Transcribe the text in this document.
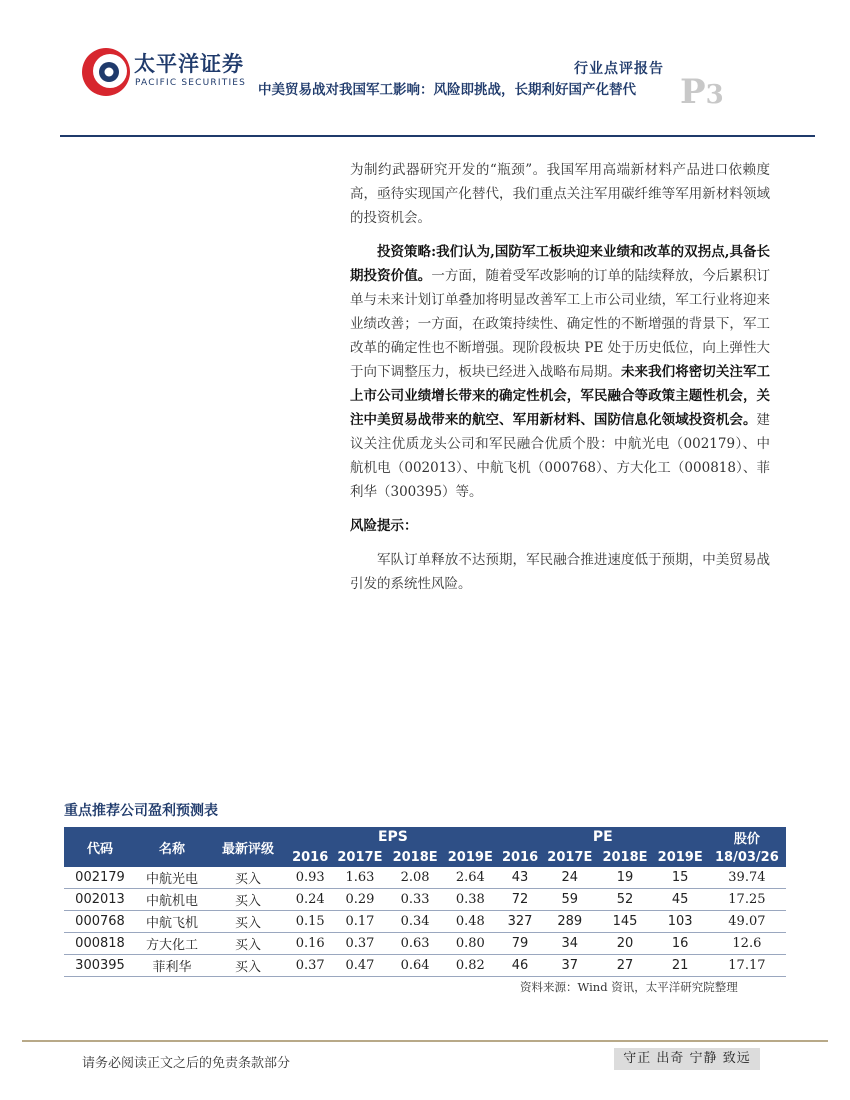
太平洋证券
PACIFIC SECURITIES
行业点评报告
中美贸易战对我国军工影响：风险即挑战，长期利好国产化替代 P3

为制约武器研究开发的“瓶颈”。我国军用高端新材料产品进口依赖度高，亟待实现国产化替代，我们重点关注军用碳纤维等军用新材料领域的投资机会。

投资策略:我们认为,国防军工板块迎来业绩和改革的双拐点,具备长期投资价值。一方面，随着受军改影响的订单的陆续释放，今后累积订单与未来计划订单叠加将明显改善军工上市公司业绩，军工行业将迎来业绩改善；一方面，在政策持续性、确定性的不断增强的背景下，军工改革的确定性也不断增强。现阶段板块 PE 处于历史低位，向上弹性大于向下调整压力，板块已经进入战略布局期。未来我们将密切关注军工上市公司业绩增长带来的确定性机会，军民融合等政策主题性机会，关注中美贸易战带来的航空、军用新材料、国防信息化领域投资机会。建议关注优质龙头公司和军民融合优质个股：中航光电（002179）、中航机电（002013）、中航飞机（000768）、方大化工（000818）、菲利华（300395）等。

风险提示：

军队订单释放不达预期，军民融合推进速度低于预期，中美贸易战引发的系统性风险。

重点推荐公司盈利预测表
代码	名称	最新评级	EPS				PE				股价
			2016	2017E	2018E	2019E	2016	2017E	2018E	2019E	18/03/26
002179	中航光电	买入	0.93	1.63	2.08	2.64	43	24	19	15	39.74
002013	中航机电	买入	0.24	0.29	0.33	0.38	72	59	52	45	17.25
000768	中航飞机	买入	0.15	0.17	0.34	0.48	327	289	145	103	49.07
000818	方大化工	买入	0.16	0.37	0.63	0.80	79	34	20	16	12.6
300395	菲利华	买入	0.37	0.47	0.64	0.82	46	37	27	21	17.17
资料来源：Wind 资讯，太平洋研究院整理
请务必阅读正文之后的免责条款部分	守正 出奇 宁静 致远
